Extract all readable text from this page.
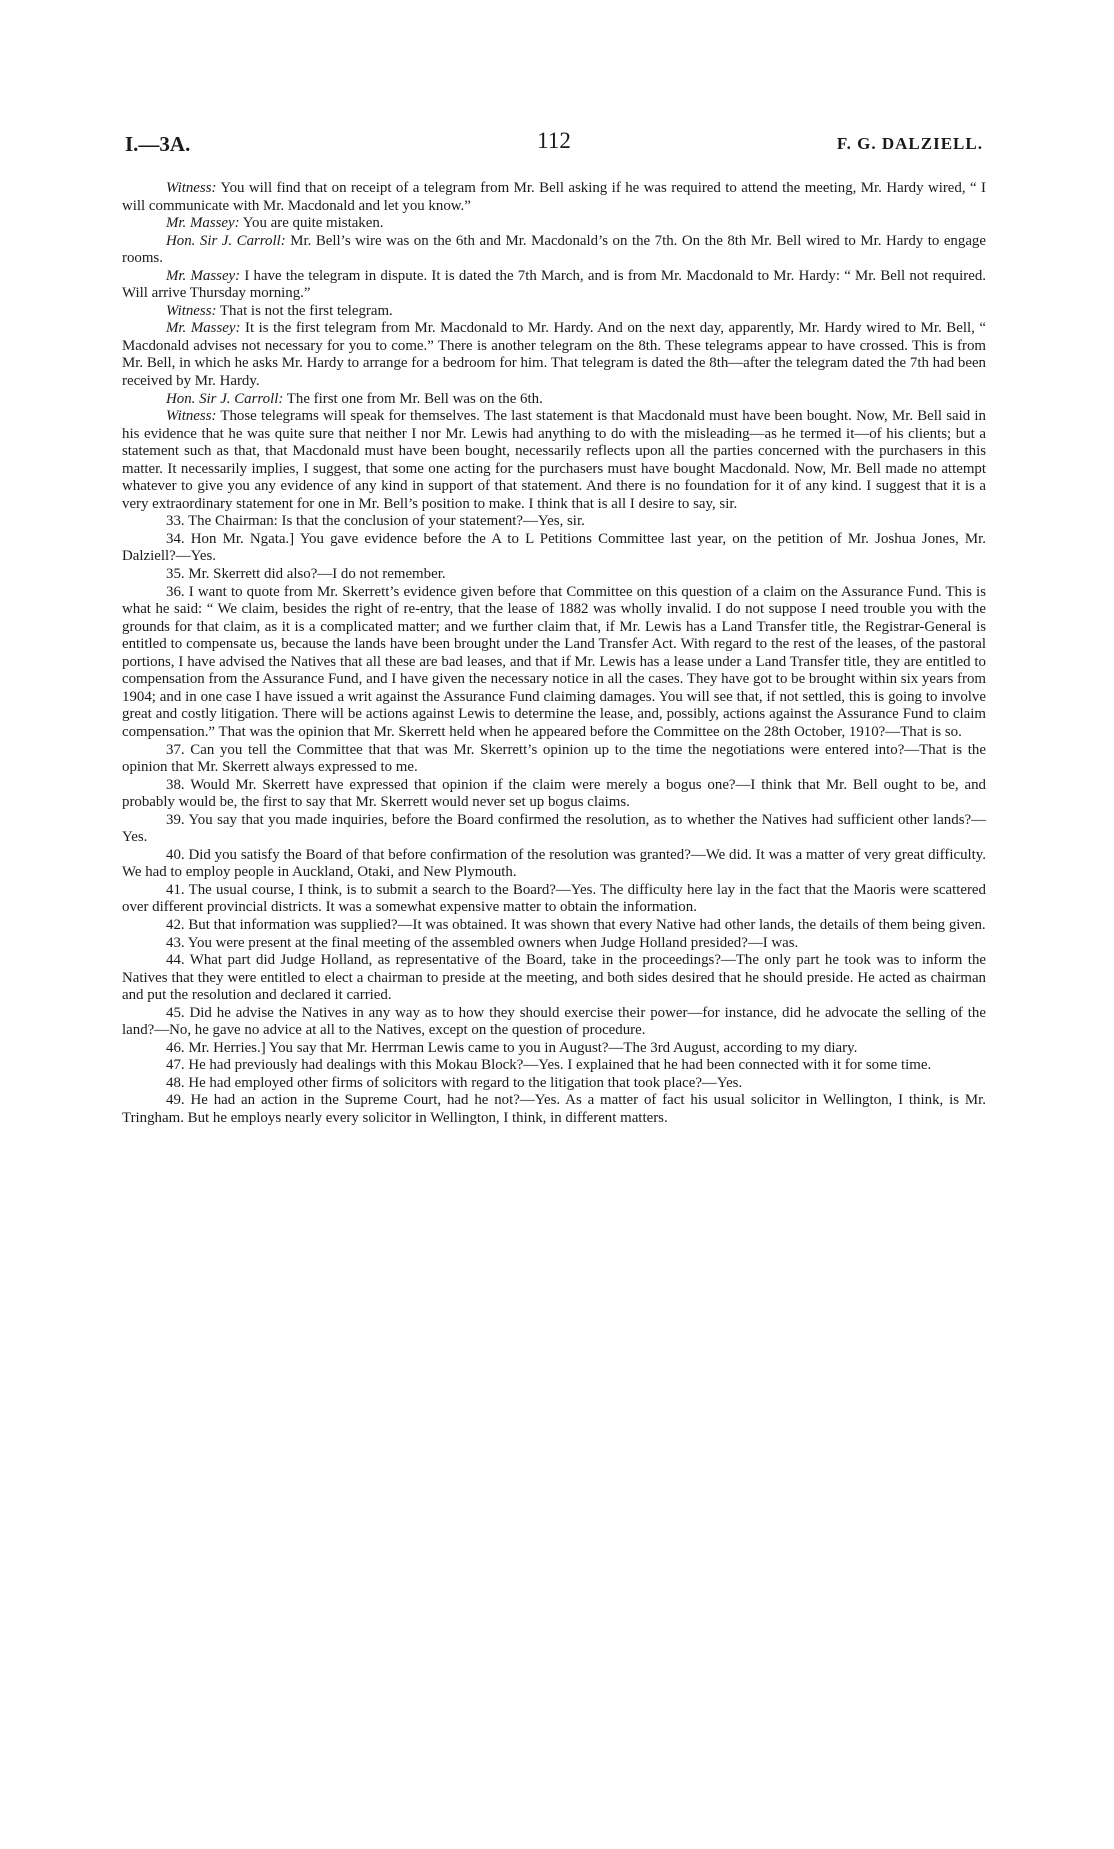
I.—3A.	112	F. G. DALZIELL.

Witness: You will find that on receipt of a telegram from Mr. Bell asking if he was required to attend the meeting, Mr. Hardy wired, “ I will communicate with Mr. Macdonald and let you know.”

Mr. Massey: You are quite mistaken.

Hon. Sir J. Carroll: Mr. Bell’s wire was on the 6th and Mr. Macdonald’s on the 7th. On the 8th Mr. Bell wired to Mr. Hardy to engage rooms.

Mr. Massey: I have the telegram in dispute. It is dated the 7th March, and is from Mr. Macdonald to Mr. Hardy: “ Mr. Bell not required. Will arrive Thursday morning.”

Witness: That is not the first telegram.

Mr. Massey: It is the first telegram from Mr. Macdonald to Mr. Hardy. And on the next day, apparently, Mr. Hardy wired to Mr. Bell, “ Macdonald advises not necessary for you to come.” There is another telegram on the 8th. These telegrams appear to have crossed. This is from Mr. Bell, in which he asks Mr. Hardy to arrange for a bedroom for him. That telegram is dated the 8th—after the telegram dated the 7th had been received by Mr. Hardy.

Hon. Sir J. Carroll: The first one from Mr. Bell was on the 6th.

Witness: Those telegrams will speak for themselves. The last statement is that Macdonald must have been bought. Now, Mr. Bell said in his evidence that he was quite sure that neither I nor Mr. Lewis had anything to do with the misleading—as he termed it—of his clients; but a statement such as that, that Macdonald must have been bought, necessarily reflects upon all the parties concerned with the purchasers in this matter. It necessarily implies, I suggest, that some one acting for the purchasers must have bought Macdonald. Now, Mr. Bell made no attempt whatever to give you any evidence of any kind in support of that statement. And there is no foundation for it of any kind. I suggest that it is a very extraordinary statement for one in Mr. Bell’s position to make. I think that is all I desire to say, sir.

33. The Chairman: Is that the conclusion of your statement?—Yes, sir.

34. Hon Mr. Ngata.] You gave evidence before the A to L Petitions Committee last year, on the petition of Mr. Joshua Jones, Mr. Dalziell?—Yes.

35. Mr. Skerrett did also?—I do not remember.

36. I want to quote from Mr. Skerrett’s evidence given before that Committee on this question of a claim on the Assurance Fund. This is what he said: “ We claim, besides the right of re-entry, that the lease of 1882 was wholly invalid. I do not suppose I need trouble you with the grounds for that claim, as it is a complicated matter; and we further claim that, if Mr. Lewis has a Land Transfer title, the Registrar-General is entitled to compensate us, because the lands have been brought under the Land Transfer Act. With regard to the rest of the leases, of the pastoral portions, I have advised the Natives that all these are bad leases, and that if Mr. Lewis has a lease under a Land Transfer title, they are entitled to compensation from the Assurance Fund, and I have given the necessary notice in all the cases. They have got to be brought within six years from 1904; and in one case I have issued a writ against the Assurance Fund claiming damages. You will see that, if not settled, this is going to involve great and costly litigation. There will be actions against Lewis to determine the lease, and, possibly, actions against the Assurance Fund to claim compensation.” That was the opinion that Mr. Skerrett held when he appeared before the Committee on the 28th October, 1910?—That is so.

37. Can you tell the Committee that that was Mr. Skerrett’s opinion up to the time the negotiations were entered into?—That is the opinion that Mr. Skerrett always expressed to me.

38. Would Mr. Skerrett have expressed that opinion if the claim were merely a bogus one?—I think that Mr. Bell ought to be, and probably would be, the first to say that Mr. Skerrett would never set up bogus claims.

39. You say that you made inquiries, before the Board confirmed the resolution, as to whether the Natives had sufficient other lands?—Yes.

40. Did you satisfy the Board of that before confirmation of the resolution was granted?—We did. It was a matter of very great difficulty. We had to employ people in Auckland, Otaki, and New Plymouth.

41. The usual course, I think, is to submit a search to the Board?—Yes. The difficulty here lay in the fact that the Maoris were scattered over different provincial districts. It was a somewhat expensive matter to obtain the information.

42. But that information was supplied?—It was obtained. It was shown that every Native had other lands, the details of them being given.

43. You were present at the final meeting of the assembled owners when Judge Holland presided?—I was.

44. What part did Judge Holland, as representative of the Board, take in the proceedings?—The only part he took was to inform the Natives that they were entitled to elect a chairman to preside at the meeting, and both sides desired that he should preside. He acted as chairman and put the resolution and declared it carried.

45. Did he advise the Natives in any way as to how they should exercise their power—for instance, did he advocate the selling of the land?—No, he gave no advice at all to the Natives, except on the question of procedure.

46. Mr. Herries.] You say that Mr. Herrman Lewis came to you in August?—The 3rd August, according to my diary.

47. He had previously had dealings with this Mokau Block?—Yes. I explained that he had been connected with it for some time.

48. He had employed other firms of solicitors with regard to the litigation that took place?—Yes.

49. He had an action in the Supreme Court, had he not?—Yes. As a matter of fact his usual solicitor in Wellington, I think, is Mr. Tringham. But he employs nearly every solicitor in Wellington, I think, in different matters.
